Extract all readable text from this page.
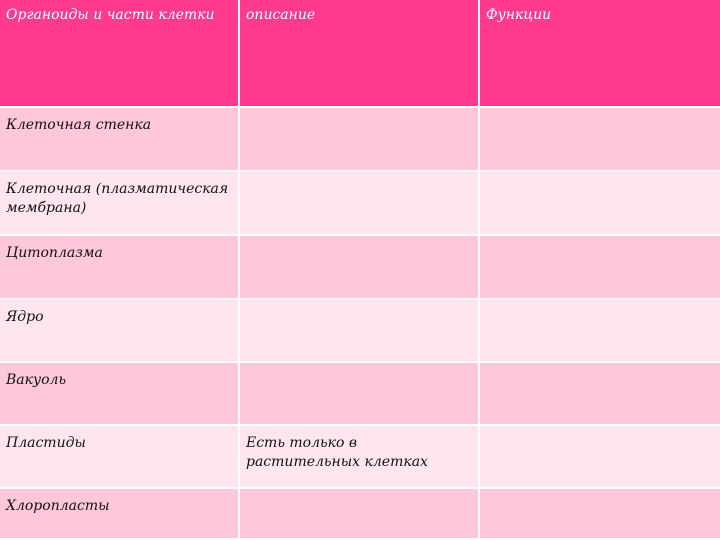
Органоиды и части клетки	описание	Функции
Клеточная стенка
Клеточная (плазматическая мембрана)
Цитоплазма
Ядро
Вакуоль
Пластиды	Есть только в растительных клетках
Хлоропласты
